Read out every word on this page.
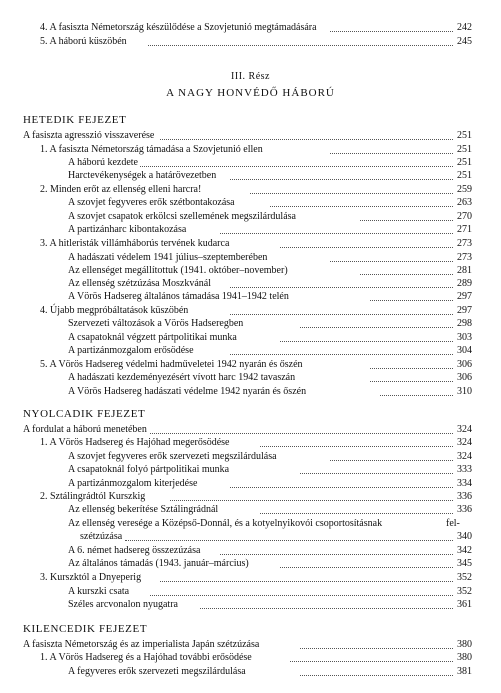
4. A fasiszta Németország készülődése a Szovjetunió megtámadására	242
5. A háború küszöbén	245
III. Rész
A NAGY HONVÉDŐ HÁBORÚ
HETEDIK FEJEZET
A fasiszta agresszió visszaverése	251
1. A fasiszta Németország támadása a Szovjetunió ellen	251
A háború kezdete	251
Harctevékenységek a határövezetben	251
2. Minden erőt az ellenség elleni harcra!	259
A szovjet fegyveres erők szétbontakozása	263
A szovjet csapatok erkölcsi szellemének megszilárdulása	270
A partizánharc kibontakozása	271
3. A hitleristák villámháborús tervének kudarca	273
A hadászati védelem 1941 július–szeptemberében	273
Az ellenséget megállítottuk (1941. október–november)	281
Az ellenség szétzúzása Moszkvánál	289
A Vörös Hadsereg általános támadása 1941–1942 telén	297
4. Újabb megpróbáltatások küszöbén	297
Szervezeti változások a Vörös Hadseregben	298
A csapatoknál végzett pártpolitikai munka	303
A partizánmozgalom erősödése	304
5. A Vörös Hadsereg védelmi hadműveletei 1942 nyarán és őszén	306
A hadászati kezdeményezésért vívott harc 1942 tavaszán	306
A Vörös Hadsereg hadászati védelme 1942 nyarán és őszén	310
NYOLCADIK FEJEZET
A fordulat a háború menetében	324
1. A Vörös Hadsereg és Hajóhad megerősödése	324
A szovjet fegyveres erők szervezeti megszilárdulása	324
A csapatoknál folyó pártpolitikai munka	333
A partizánmozgalom kiterjedése	334
2. Sztálingrádtól Kurszkig	336
Az ellenség bekerítése Sztálingrádnál	336
Az ellenség veresége a Középső-Donnál, és a kotyelnyikovói csoportosításnak	fel-
szétzúzása	340
A 6. német hadsereg összezúzása	342
Az általános támadás (1943. január–március)	345
3. Kurszktól a Dnyeperig	352
A kurszki csata	352
Széles arcvonalon nyugatra	361
KILENCEDIK FEJEZET
A fasiszta Németország és az imperialista Japán szétzúzása	380
1. A Vörös Hadsereg és a Hajóhad további erősödése	380
A fegyveres erők szervezeti megszilárdulása	381
